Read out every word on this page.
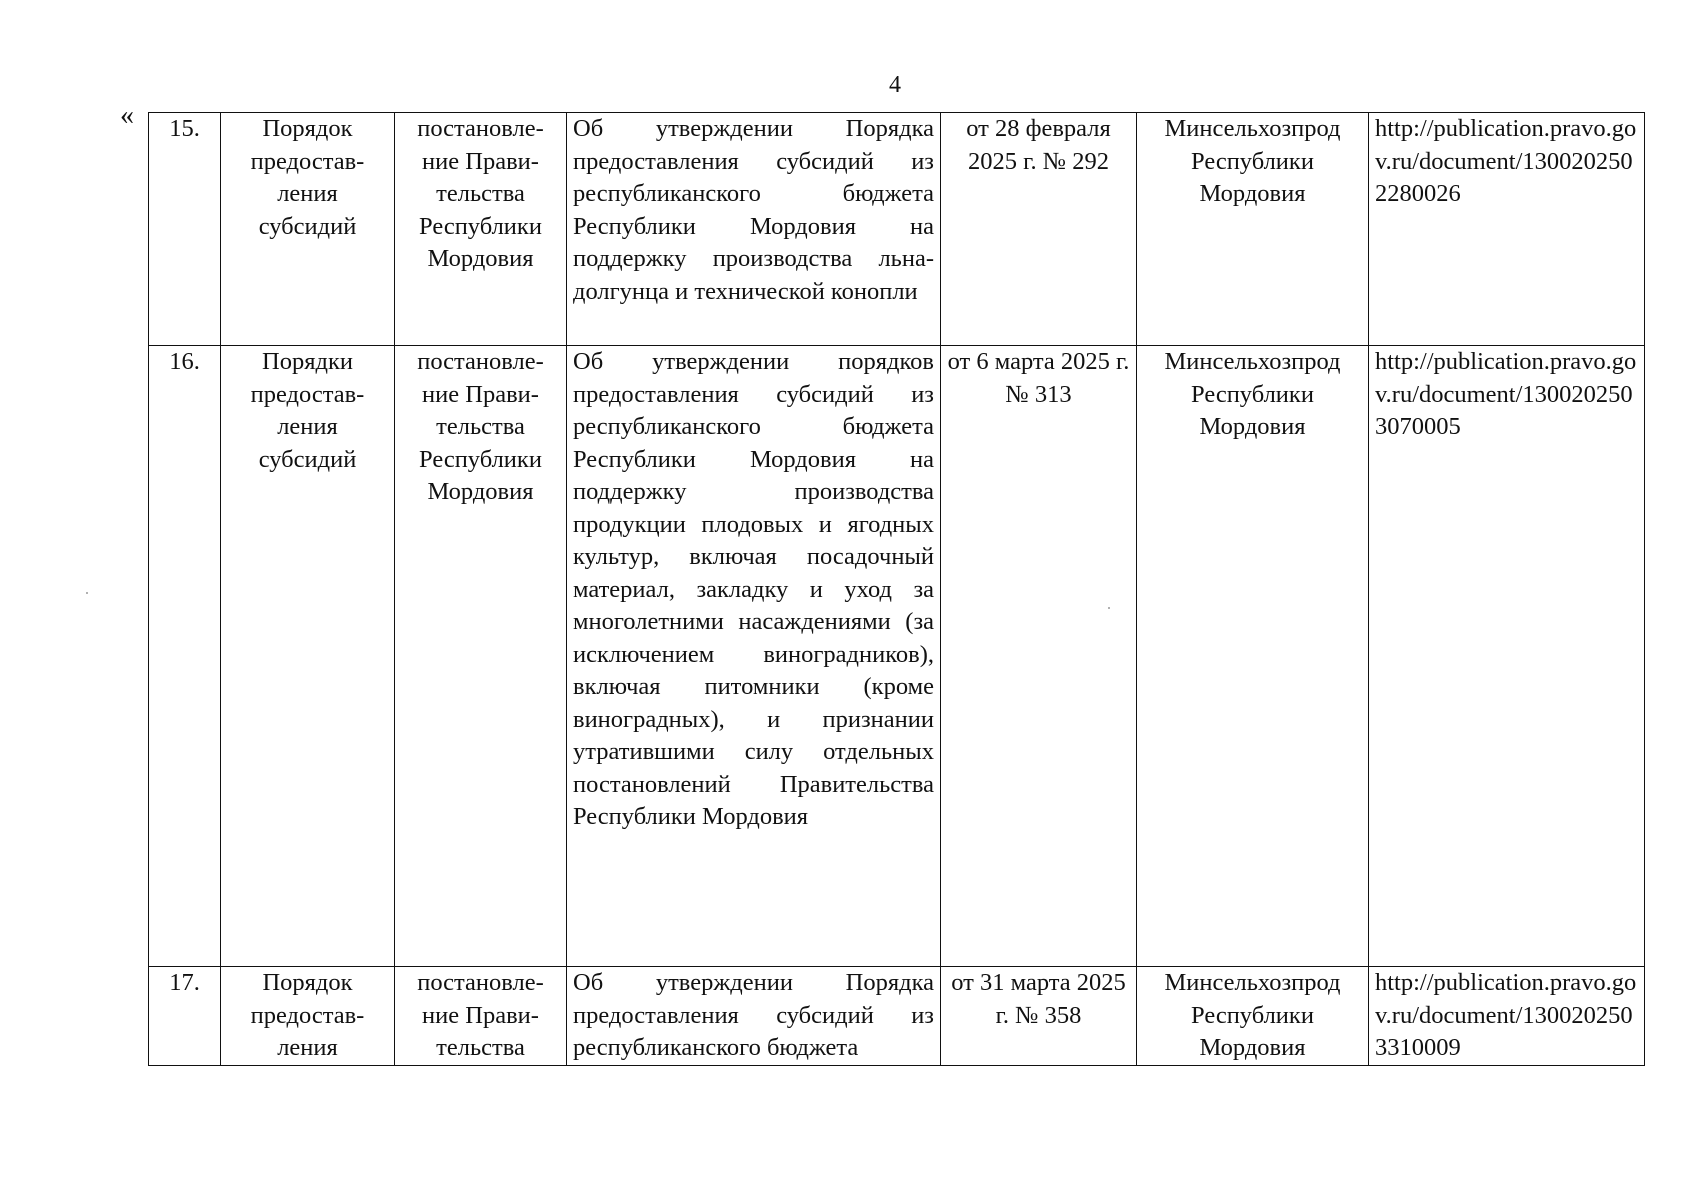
4
« 15.	Порядок предостав-ления субсидий	постановле-ние Прави-тельства Республики Мордовия	Об утверждении Порядка предоставления субсидий из республиканского бюджета Республики Мордовия на поддержку производства льна-долгунца и технической конопли	от 28 февраля 2025 г. № 292	Минсельхозпрод Республики Мордовия	http://publication.pravo.gov.ru/document/1300202502280026
16.	Порядки предостав-ления субсидий	постановле-ние Прави-тельства Республики Мордовия	Об утверждении порядков предоставления субсидий из республиканского бюджета Республики Мордовия на поддержку производства продукции плодовых и ягодных культур, включая посадочный материал, закладку и уход за многолетними насаждениями (за исключением виноградников), включая питомники (кроме виноградных), и признании утратившими силу отдельных постановлений Правительства Республики Мордовия	от 6 марта 2025 г. № 313	Минсельхозпрод Республики Мордовия	http://publication.pravo.gov.ru/document/1300202503070005
17.	Порядок предостав-ления	постановле-ние Прави-тельства	Об утверждении Порядка предоставления субсидий из республиканского бюджета	от 31 марта 2025 г. № 358	Минсельхозпрод Республики Мордовия	http://publication.pravo.gov.ru/document/1300202503310009
